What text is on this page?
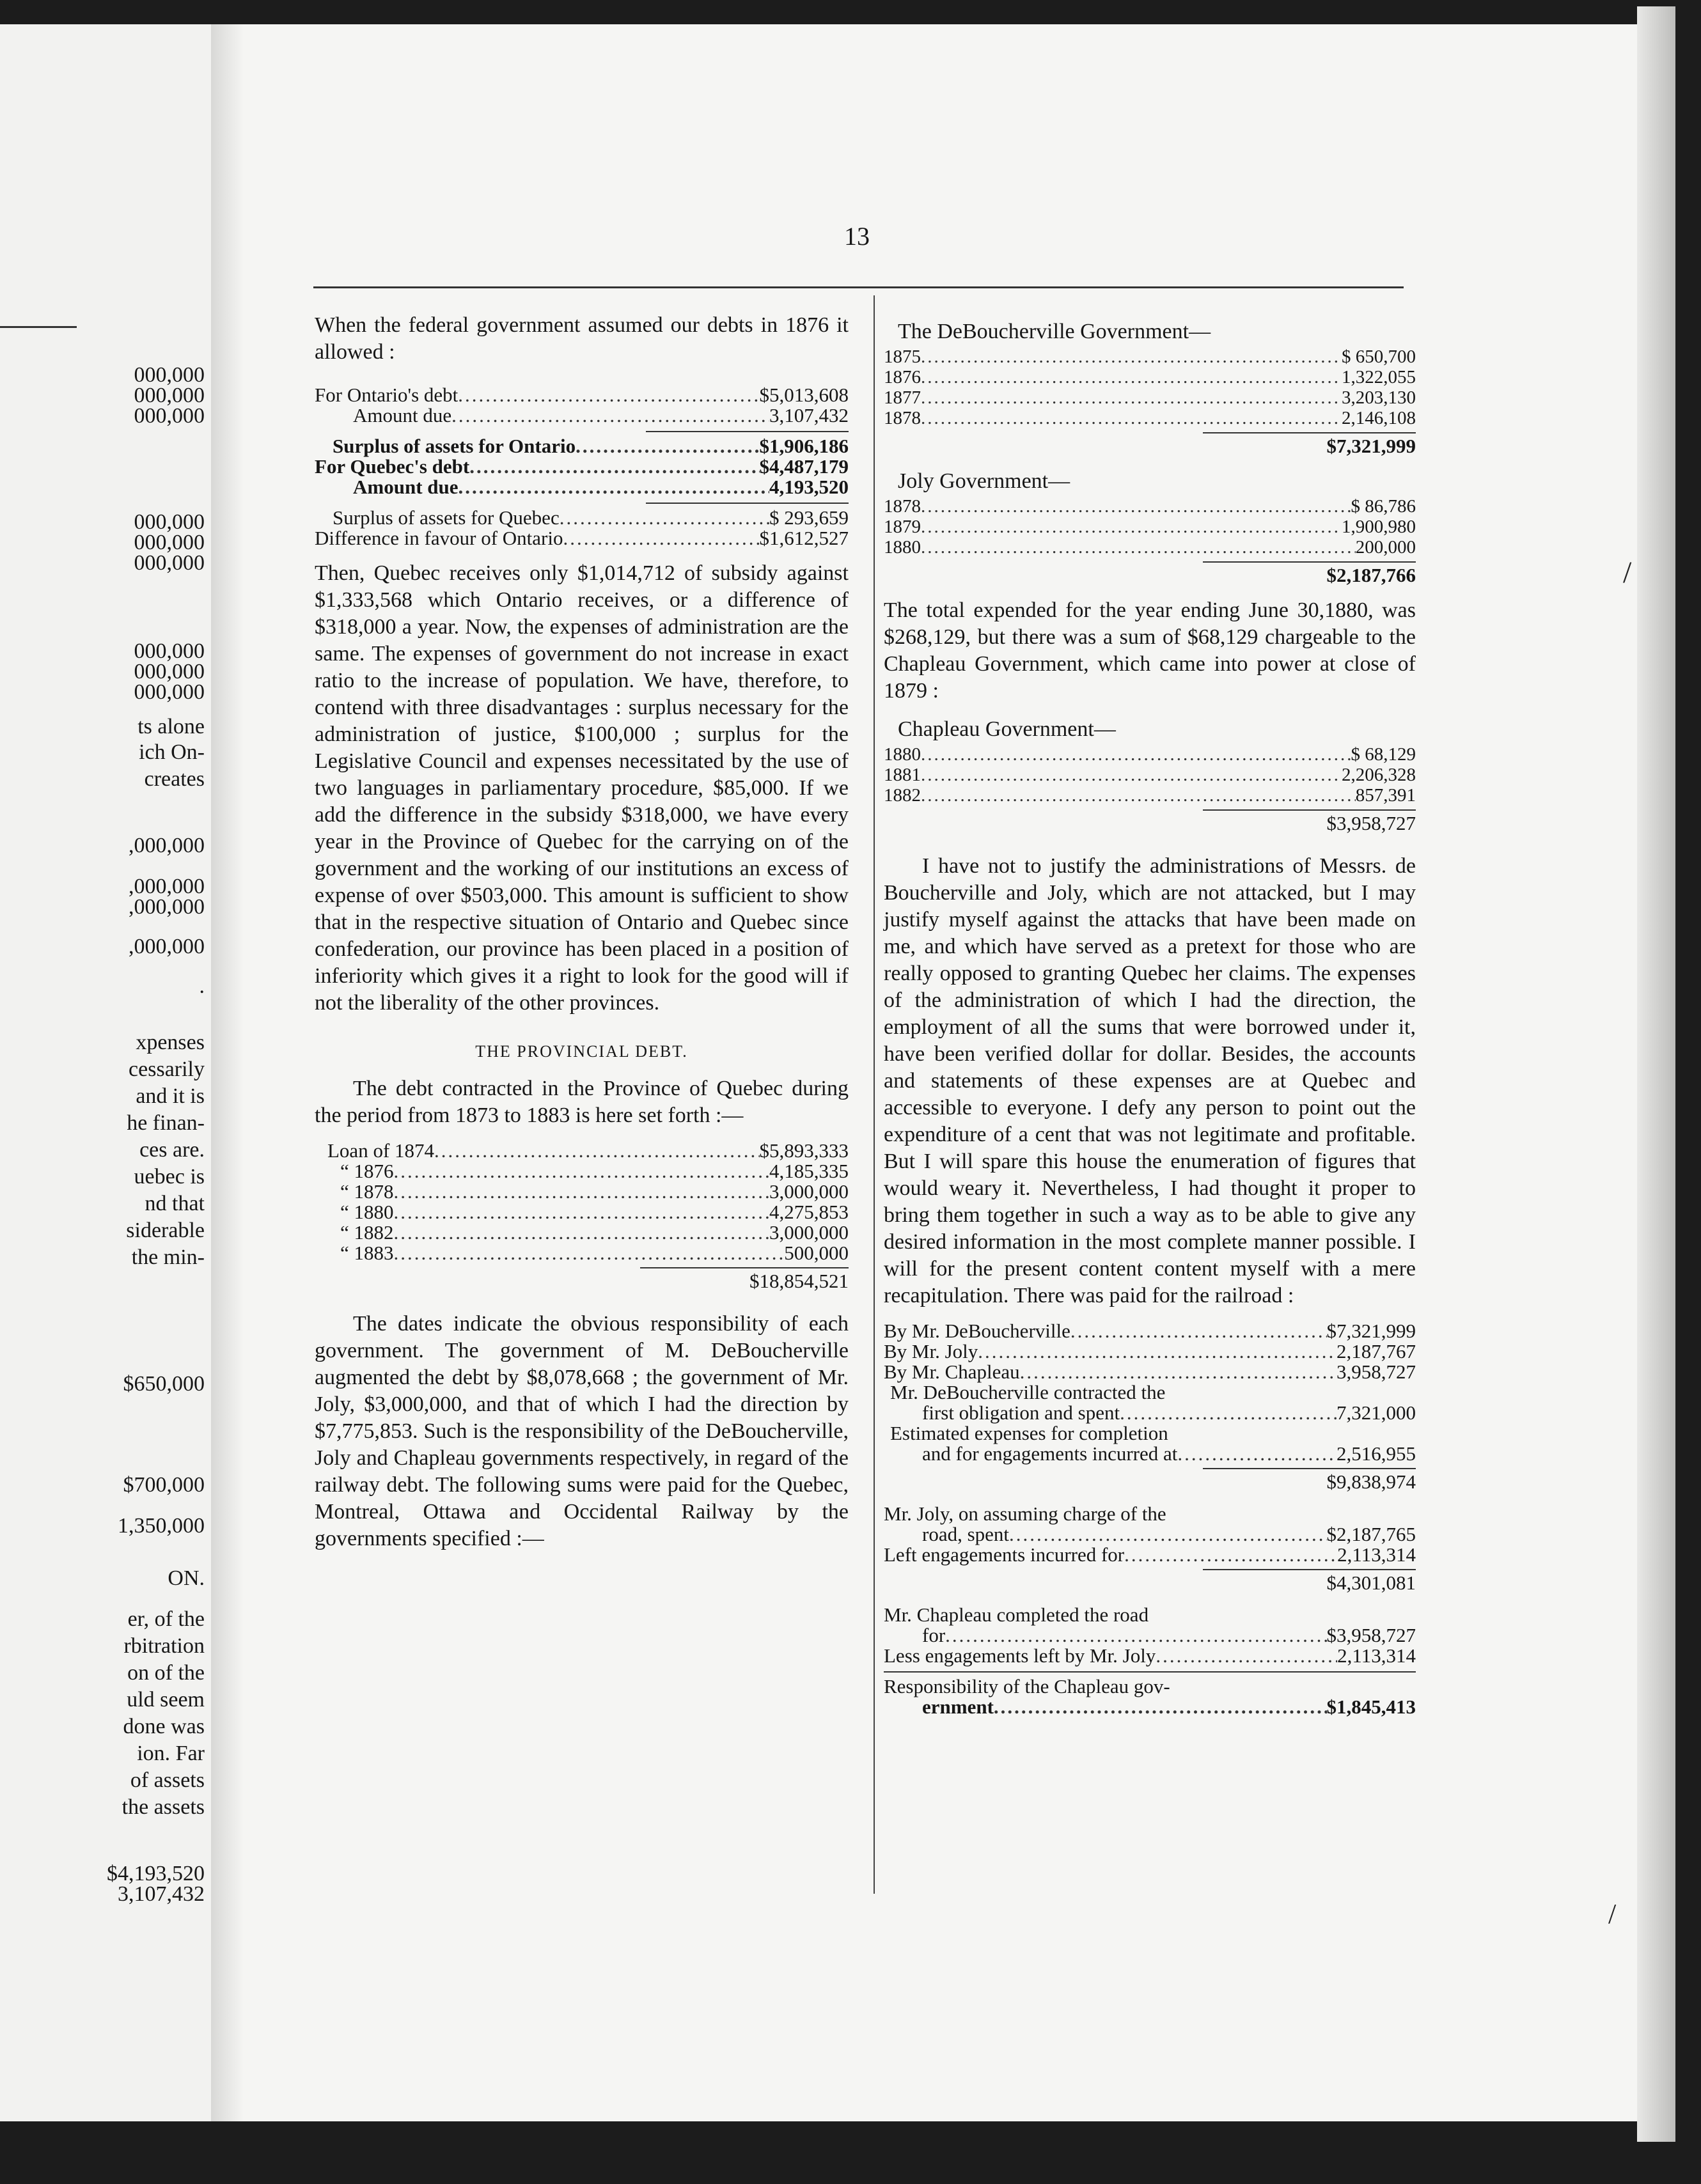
000,000
000,000
000,000
000,000
000,000
000,000
000,000
000,000
000,000
ts alone
ich On-
creates
,000,000
,000,000
,000,000
,000,000
.
xpenses
cessarily
and it is
he finan-
ces are.
uebec is
nd that
siderable
the min-
$650,000
$700,000
1,350,000
ON.
er, of the
rbitration
on of the
uld seem
done was
ion. Far
of assets
the assets
$4,193,520
3,107,432
13

When the federal government assumed our debts in 1876 it allowed :

For Ontario's debt .....	$5,013,608
Amount due .....	3,107,432
Surplus of assets for Ontario .....	$1,906,186
For Quebec's debt .....	$4,487,179
Amount due .....	4,193,520
Surplus of assets for Quebec .....	$ 293,659
Difference in favour of Ontario .....	$1,612,527

Then, Quebec receives only $1,014,712 of subsidy against $1,333,568 which Ontario receives, or a difference of $318,000 a year. Now, the expenses of administration are the same. The expenses of government do not increase in exact ratio to the increase of population. We have, therefore, to contend with three disadvantages : surplus necessary for the administration of justice, $100,000 ; surplus for the Legislative Council and expenses necessitated by the use of two languages in parliamentary procedure, $85,000. If we add the difference in the subsidy $318,000, we have every year in the Province of Quebec for the carrying on of the government and the working of our institutions an excess of expense of over $503,000. This amount is sufficient to show that in the respective situation of Ontario and Quebec since confederation, our province has been placed in a position of inferiority which gives it a right to look for the good will if not the liberality of the other provinces.

THE PROVINCIAL DEBT.

The debt contracted in the Province of Quebec during the period from 1873 to 1883 is here set forth :—

Loan of 1874 .....	$5,893,333
“ 1876 .....	4,185,335
“ 1878 .....	3,000,000
“ 1880 .....	4,275,853
“ 1882 .....	3,000,000
“ 1883 .....	500,000
$18,854,521

The dates indicate the obvious responsibility of each government. The government of M. DeBoucherville augmented the debt by $8,078,668 ; the government of Mr. Joly, $3,000,000, and that of which I had the direction by $7,775,853. Such is the responsibility of the DeBoucherville, Joly and Chapleau governments respectively, in regard of the railway debt. The following sums were paid for the Quebec, Montreal, Ottawa and Occidental Railway by the governments specified :—

The DeBoucherville Government—
1875 .....	$ 650,700
1876 .....	1,322,055
1877 .....	3,203,130
1878 .....	2,146,108
$7,321,999
Joly Government—
1878 .....	$ 86,786
1879 .....	1,900,980
1880 .....	200,000
$2,187,766

The total expended for the year ending June 30,1880, was $268,129, but there was a sum of $68,129 chargeable to the Chapleau Government, which came into power at close of 1879 :

Chapleau Government—
1880 .....	$ 68,129
1881 .....	2,206,328
1882 .....	857,391
$3,958,727

I have not to justify the administrations of Messrs. de Boucherville and Joly, which are not attacked, but I may justify myself against the attacks that have been made on me, and which have served as a pretext for those who are really opposed to granting Quebec her claims. The expenses of the administration of which I had the direction, the employment of all the sums that were borrowed under it, have been verified dollar for dollar. Besides, the accounts and statements of these expenses are at Quebec and accessible to everyone. I defy any person to point out the expenditure of a cent that was not legitimate and profitable. But I will spare this house the enumeration of figures that would weary it. Nevertheless, I had thought it proper to bring them together in such a way as to be able to give any desired information in the most complete manner possible. I will for the present content content myself with a mere recapitulation. There was paid for the railroad :

By Mr. DeBoucherville .....	$7,321,999
By Mr. Joly .....	2,187,767
By Mr. Chapleau .....	3,958,727
Mr. DeBoucherville contracted the
first obligation and spent .....	7,321,000
Estimated expenses for completion
and for engagements incurred at .....	2,516,955
$9,838,974
Mr. Joly, on assuming charge of the
road, spent .....	$2,187,765
Left engagements incurred for .....	2,113,314
$4,301,081
Mr. Chapleau completed the road
for .....	$3,958,727
Less engagements left by Mr. Joly .....	2,113,314
Responsibility of the Chapleau gov-
ernment .....	$1,845,413
/
/
